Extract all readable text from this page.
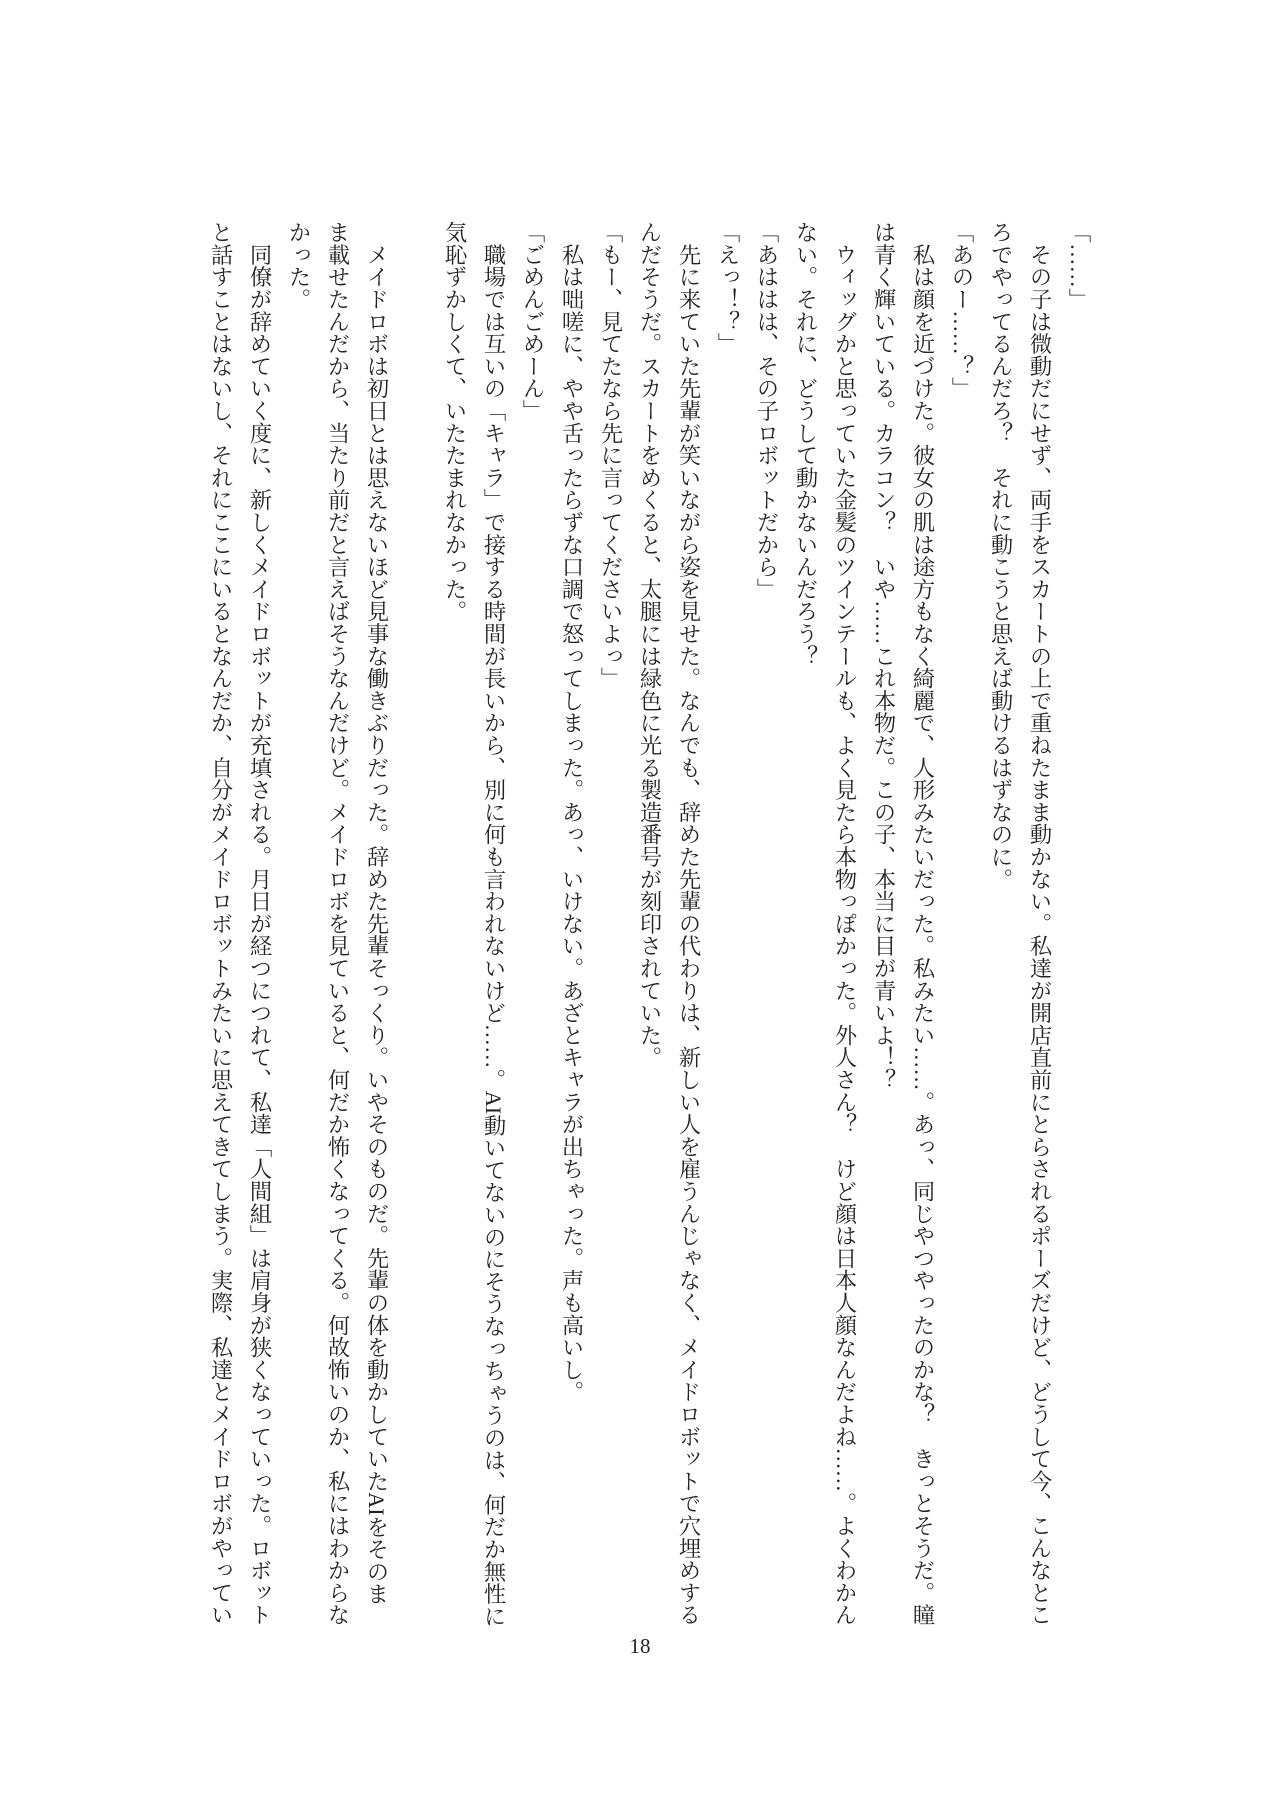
「……」
　その子は微動だにせず、両手をスカートの上で重ねたまま動かない。私達が開店直前にとらされるポーズだけど、どうして今、こんなとこ
ろでやってるんだろ？　それに動こうと思えば動けるはずなのに。
「あのー……？」
　私は顔を近づけた。彼女の肌は途方もなく綺麗で、人形みたいだった。私みたい……。あっ、同じやつやったのかな？　きっとそうだ。瞳
は青く輝いている。カラコン？　いや……これ本物だ。この子、本当に目が青いよ！？
　ウィッグかと思っていた金髪のツインテールも、よく見たら本物っぽかった。外人さん？　けど顔は日本人顔なんだよね……。よくわかん
ない。それに、どうして動かないんだろう？
「あははは、その子ロボットだから」
「えっ！？」
　先に来ていた先輩が笑いながら姿を見せた。なんでも、辞めた先輩の代わりは、新しい人を雇うんじゃなく、メイドロボットで穴埋めする
んだそうだ。スカートをめくると、太腿には緑色に光る製造番号が刻印されていた。
「もー、見てたなら先に言ってくださいよっ」
　私は咄嗟に、やや舌ったらずな口調で怒ってしまった。あっ、いけない。あざとキャラが出ちゃった。声も高いし。
「ごめんごめーん」
　職場では互いの「キャラ」で接する時間が長いから、別に何も言われないけど……。AI動いてないのにそうなっちゃうのは、何だか無性に
気恥ずかしくて、いたたまれなかった。
　メイドロボは初日とは思えないほど見事な働きぶりだった。辞めた先輩そっくり。いやそのものだ。先輩の体を動かしていたAIをそのま
ま載せたんだから、当たり前だと言えばそうなんだけど。メイドロボを見ていると、何だか怖くなってくる。何故怖いのか、私にはわからな
かった。
　同僚が辞めていく度に、新しくメイドロボットが充填される。月日が経つにつれて、私達「人間組」は肩身が狭くなっていった。ロボット
と話すことはないし、それにここにいるとなんだか、自分がメイドロボットみたいに思えてきてしまう。実際、私達とメイドロボがやってい
18
